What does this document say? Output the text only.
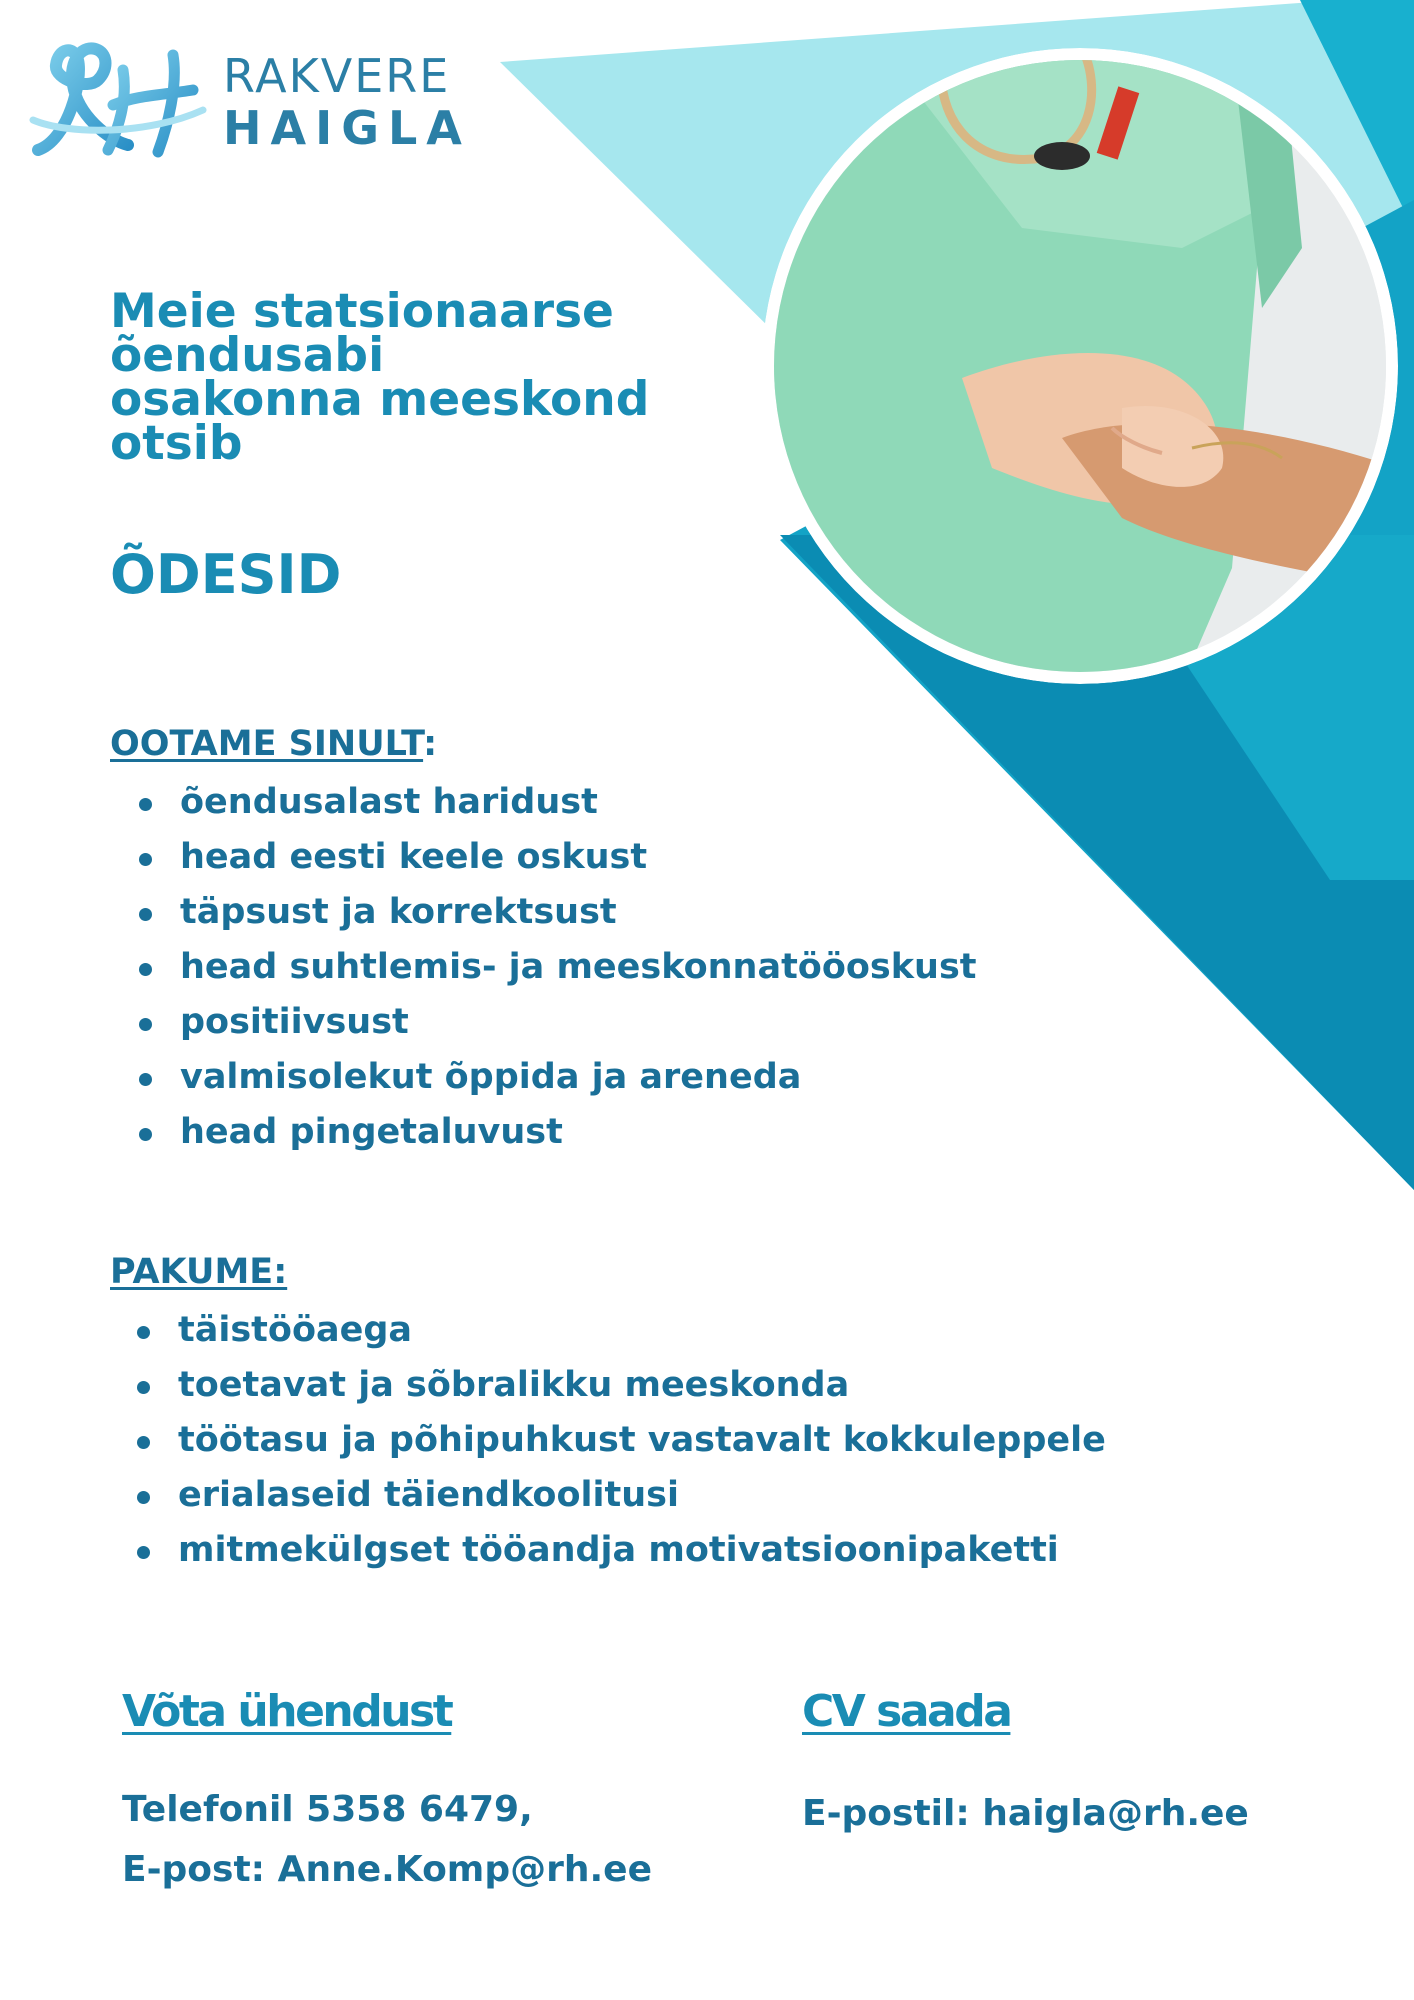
RAKVERE
HAIGLA
Meie statsionaarse
õendusabi
osakonna meeskond
otsib
ÕDESID
OOTAME SINULT:
õendusalast haridust
head eesti keele oskust
täpsust ja korrektsust
head suhtlemis- ja meeskonnatööoskust
positiivsust
valmisolekut õppida ja areneda
head pingetaluvust
PAKUME:
täistööaega
toetavat ja sõbralikku meeskonda
töötasu ja põhipuhkust vastavalt kokkuleppele
erialaseid täiendkoolitusi
mitmekülgset tööandja motivatsioonipaketti
Võta ühendust
Telefonil 5358 6479,
E-post: Anne.Komp@rh.ee
CV saada
E-postil: haigla@rh.ee
